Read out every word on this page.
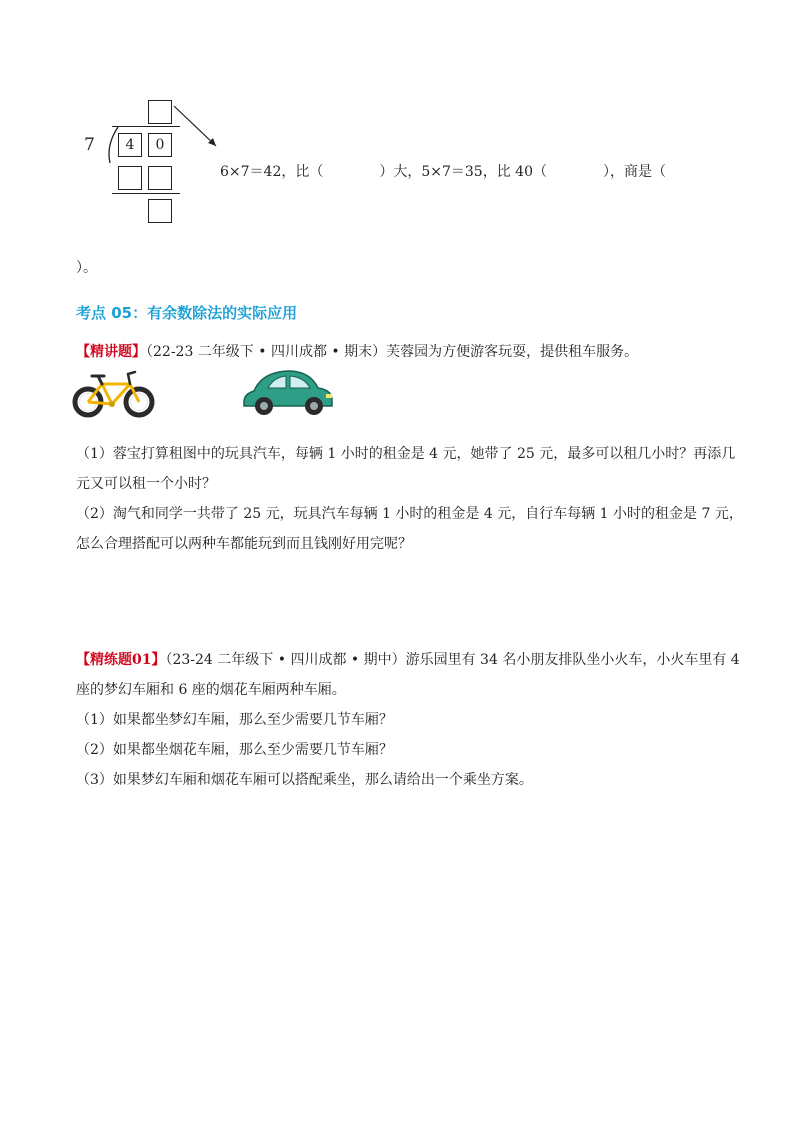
7	4	0
6×7＝42，比（　　　　）大，5×7＝35，比 40（　　　　），商是（
）。
考点 05：有余数除法的实际应用
【精讲题】（22-23 二年级下 • 四川成都 • 期末）芙蓉园为方便游客玩耍，提供租车服务。
（1）蓉宝打算租图中的玩具汽车，每辆 1 小时的租金是 4 元，她带了 25 元，最多可以租几小时？再添几
元又可以租一个小时？
（2）淘气和同学一共带了 25 元，玩具汽车每辆 1 小时的租金是 4 元，自行车每辆 1 小时的租金是 7 元，
怎么合理搭配可以两种车都能玩到而且钱刚好用完呢？
【精练题01】（23-24 二年级下 • 四川成都 • 期中）游乐园里有 34 名小朋友排队坐小火车，小火车里有 4
座的梦幻车厢和 6 座的烟花车厢两种车厢。
（1）如果都坐梦幻车厢，那么至少需要几节车厢？
（2）如果都坐烟花车厢，那么至少需要几节车厢？
（3）如果梦幻车厢和烟花车厢可以搭配乘坐，那么请给出一个乘坐方案。
